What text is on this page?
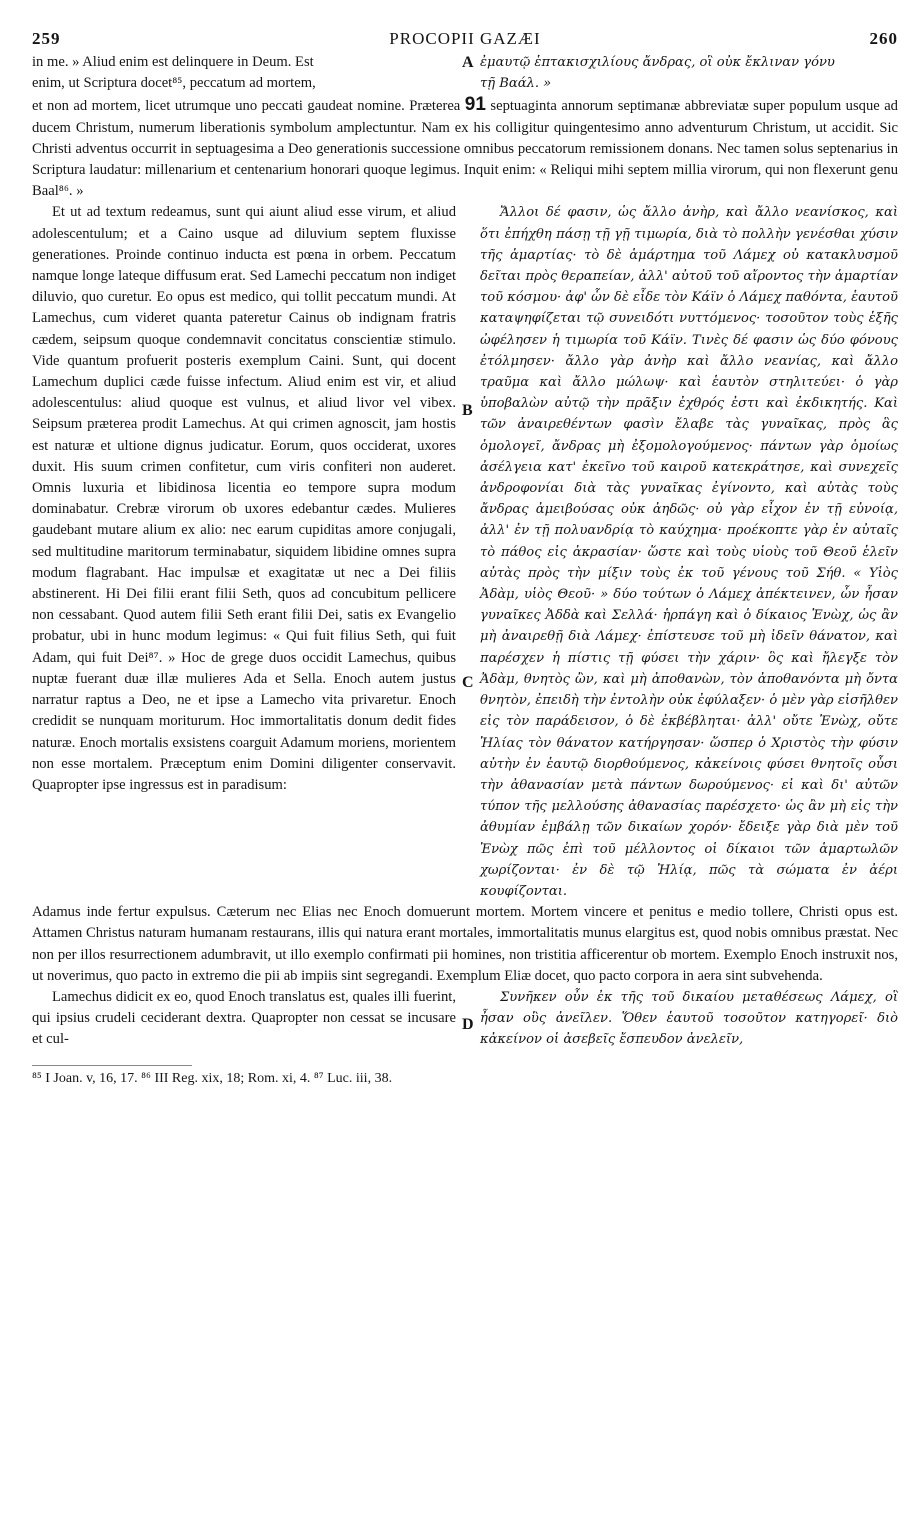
259	PROCOPII GAZÆI	260

in me. » Aliud enim est delinquere in Deum. Est

enim, ut Scriptura docet⁸⁵, peccatum ad mortem,

A ἐμαυτῷ ἑπτακισχιλίους ἄνδρας, οἳ οὐκ ἔκλιναν γόνυ

τῇ Βαάλ. »

et non ad mortem, licet utrumque uno peccati gaudeat nomine. Præterea 91 septuaginta annorum septimanæ abbreviatæ super populum usque ad ducem Christum, numerum liberationis symbolum amplectuntur. Nam ex his colligitur quingentesimo anno adventurum Christum, ut accidit. Sic Christi adventus occurrit in septuagesima a Deo generationis successione omnibus peccatorum remissionem donans. Nec tamen solus septenarius in Scriptura laudatur: millenarium et centenarium honorari quoque legimus. Inquit enim: « Reliqui mihi septem millia virorum, qui non flexerunt genu Baal⁸⁶. »

Et ut ad textum redeamus, sunt qui aiunt aliud esse virum, et aliud adolescentulum; et a Caino usque ad diluvium septem fluxisse generationes. Proinde continuo inducta est pœna in orbem. Peccatum namque longe lateque diffusum erat. Sed Lamechi peccatum non indiget diluvio, quo curetur. Eo opus est medico, qui tollit peccatum mundi. At Lamechus, cum videret quanta pateretur Cainus ob indignam fratris cædem, seipsum quoque condemnavit concitatus conscientiæ stimulo. Vide quantum profuerit posteris exemplum Caini. Sunt, qui docent Lamechum duplici cæde fuisse infectum. Aliud enim est vir, et aliud adolescentulus: aliud quoque est vulnus, et aliud livor vel vibex. Seipsum præterea prodit Lamechus. At qui crimen agnoscit, jam hostis est naturæ et ultione dignus judicatur. Eorum, quos occiderat, uxores duxit. His suum crimen confitetur, cum viris confiteri non auderet. Omnis luxuria et libidinosa licentia eo tempore supra modum dominabatur. Crebræ virorum ob uxores edebantur cædes. Mulieres gaudebant mutare alium ex alio: nec earum cupiditas amore conjugali, sed multitudine maritorum terminabatur, siquidem libidine omnes supra modum flagrabant. Hac impulsæ et exagitatæ ut nec a Dei filiis abstinerent. Hi Dei filii erant filii Seth, quos ad concubitum pellicere non cessabant. Quod autem filii Seth erant filii Dei, satis ex Evangelio probatur, ubi in hunc modum legimus: « Qui fuit filius Seth, qui fuit Adam, qui fuit Dei⁸⁷. » Hoc de grege duos occidit Lamechus, quibus nuptæ fuerant duæ illæ mulieres Ada et Sella. Enoch autem justus narratur raptus a Deo, ne et ipse a Lamecho vita privaretur. Enoch credidit se nunquam moriturum. Hoc immortalitatis donum dedit fides naturæ. Enoch mortalis exsistens coarguit Adamum moriens, morientem non esse mortalem. Præceptum enim Domini diligenter conservavit. Quapropter ipse ingressus est in paradisum:

B
C
D

Ἄλλοι δέ φασιν, ὡς ἄλλο ἀνὴρ, καὶ ἄλλο νεανίσκος, καὶ ὅτι ἐπήχθη πάσῃ τῇ γῇ τιμωρία, διὰ τὸ πολλὴν γενέσθαι χύσιν τῆς ἁμαρτίας· τὸ δὲ ἁμάρτημα τοῦ Λάμεχ οὐ κατακλυσμοῦ δεῖται πρὸς θεραπείαν, ἀλλ' αὐτοῦ τοῦ αἴροντος τὴν ἁμαρτίαν τοῦ κόσμου· ἀφ' ὧν δὲ εἶδε τὸν Κάϊν ὁ Λάμεχ παθόντα, ἑαυτοῦ καταψηφίζεται τῷ συνειδότι νυττόμενος· τοσοῦτον τοὺς ἑξῆς ὠφέλησεν ἡ τιμωρία τοῦ Κάϊν. Τινὲς δέ φασιν ὡς δύο φόνους ἐτόλμησεν· ἄλλο γὰρ ἀνὴρ καὶ ἄλλο νεανίας, καὶ ἄλλο τραῦμα καὶ ἄλλο μώλωψ· καὶ ἑαυτὸν στηλιτεύει· ὁ γὰρ ὑποβαλὼν αὐτῷ τὴν πρᾶξιν ἐχθρός ἐστι καὶ ἐκδικητής. Καὶ τῶν ἀναιρεθέντων φασὶν ἔλαβε τὰς γυναῖκας, πρὸς ἃς ὁμολογεῖ, ἄνδρας μὴ ἐξομολογούμενος· πάντων γὰρ ὁμοίως ἀσέλγεια κατ' ἐκεῖνο τοῦ καιροῦ κατεκράτησε, καὶ συνεχεῖς ἀνδροφονίαι διὰ τὰς γυναῖκας ἐγίνοντο, καὶ αὐτὰς τοὺς ἄνδρας ἀμειβούσας οὐκ ἀηδῶς· οὐ γὰρ εἶχον ἐν τῇ εὐνοίᾳ, ἀλλ' ἐν τῇ πολυανδρίᾳ τὸ καύχημα· προέκοπτε γὰρ ἐν αὐταῖς τὸ πάθος εἰς ἀκρασίαν· ὥστε καὶ τοὺς υἱοὺς τοῦ Θεοῦ ἑλεῖν αὐτὰς πρὸς τὴν μίξιν τοὺς ἐκ τοῦ γένους τοῦ Σήθ. « Υἱὸς Ἀδὰμ, υἱὸς Θεοῦ· » δύο τούτων ὁ Λάμεχ ἀπέκτεινεν, ὧν ἦσαν γυναῖκες Ἀδδὰ καὶ Σελλά· ἡρπάγη καὶ ὁ δίκαιος Ἐνὼχ, ὡς ἂν μὴ ἀναιρεθῇ διὰ Λάμεχ· ἐπίστευσε τοῦ μὴ ἰδεῖν θάνατον, καὶ παρέσχεν ἡ πίστις τῇ φύσει τὴν χάριν· ὃς καὶ ἤλεγξε τὸν Ἀδὰμ, θνητὸς ὢν, καὶ μὴ ἀποθανὼν, τὸν ἀποθανόντα μὴ ὄντα θνητὸν, ἐπειδὴ τὴν ἐντολὴν οὐκ ἐφύλαξεν· ὁ μὲν γὰρ εἰσῆλθεν εἰς τὸν παράδεισον, ὁ δὲ ἐκβέβληται· ἀλλ' οὔτε Ἐνὼχ, οὔτε Ἠλίας τὸν θάνατον κατήργησαν· ὥσπερ ὁ Χριστὸς τὴν φύσιν αὐτὴν ἐν ἑαυτῷ διορθούμενος, κἀκείνοις φύσει θνητοῖς οὖσι τὴν ἀθανασίαν μετὰ πάντων δωρούμενος· εἰ καὶ δι' αὐτῶν τύπον τῆς μελλούσης ἀθανασίας παρέσχετο· ὡς ἂν μὴ εἰς τὴν ἀθυμίαν ἐμβάλῃ τῶν δικαίων χορόν· ἔδειξε γὰρ διὰ μὲν τοῦ Ἐνὼχ πῶς ἐπὶ τοῦ μέλλοντος οἱ δίκαιοι τῶν ἁμαρτωλῶν χωρίζονται· ἐν δὲ τῷ Ἠλίᾳ, πῶς τὰ σώματα ἐν ἀέρι κουφίζονται.

Adamus inde fertur expulsus. Cæterum nec Elias nec Enoch domuerunt mortem. Mortem vincere et penitus e medio tollere, Christi opus est. Attamen Christus naturam humanam restaurans, illis qui natura erant mortales, immortalitatis munus elargitus est, quod nobis omnibus præstat. Nec non per illos resurrectionem adumbravit, ut illo exemplo confirmati pii homines, non tristitia afficerentur ob mortem. Exemplo Enoch instruxit nos, ut noverimus, quo pacto in extremo die pii ab impiis sint segregandi. Exemplum Eliæ docet, quo pacto corpora in aera sint subvehenda.

Lamechus didicit ex eo, quod Enoch translatus est, quales illi fuerint, qui ipsius crudeli ceciderant dextra. Quapropter non cessat se incusare et cul-

Συνῆκεν οὖν ἐκ τῆς τοῦ δικαίου μεταθέσεως Λάμεχ, οἳ ἦσαν οὓς ἀνεῖλεν. Ὅθεν ἑαυτοῦ τοσοῦτον κατηγορεῖ· διὸ κἀκείνον οἱ ἀσεβεῖς ἔσπευδον ἀνελεῖν,

⁸⁵ I Joan. v, 16, 17. ⁸⁶ III Reg. xix, 18; Rom. xi, 4. ⁸⁷ Luc. iii, 38.
